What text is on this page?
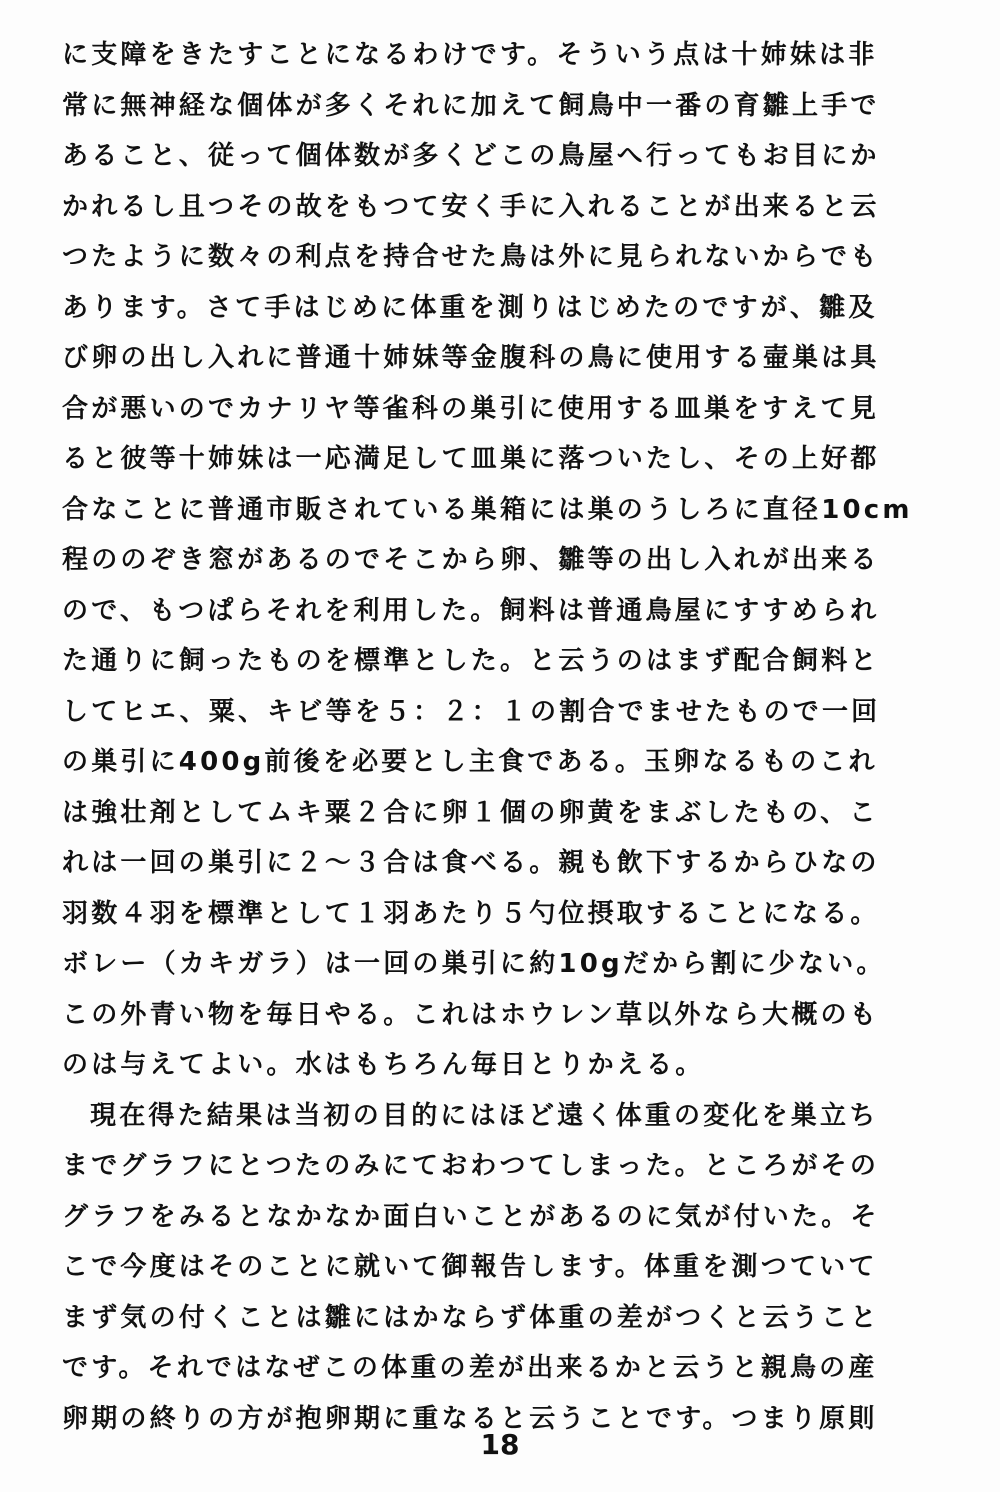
に支障をきたすことになるわけです。そういう点は十姉妹は非
常に無神経な個体が多くそれに加えて飼鳥中一番の育雛上手で
あること、従って個体数が多くどこの鳥屋へ行ってもお目にか
かれるし且つその故をもつて安く手に入れることが出来ると云
つたように数々の利点を持合せた鳥は外に見られないからでも
あります。さて手はじめに体重を測りはじめたのですが、雛及
び卵の出し入れに普通十姉妹等金腹科の鳥に使用する壷巣は具
合が悪いのでカナリヤ等雀科の巣引に使用する皿巣をすえて見
ると彼等十姉妹は一応満足して皿巣に落ついたし、その上好都
合なことに普通市販されている巣箱には巣のうしろに直径10cm
程ののぞき窓があるのでそこから卵、雛等の出し入れが出来る
ので、もつぱらそれを利用した。飼料は普通鳥屋にすすめられ
た通りに飼ったものを標準とした。と云うのはまず配合飼料と
してヒエ、粟、キビ等を５：２：１の割合でませたもので一回
の巣引に400g前後を必要とし主食である。玉卵なるものこれ
は強壮剤としてムキ粟２合に卵１個の卵黄をまぶしたもの、こ
れは一回の巣引に２～３合は食べる。親も飲下するからひなの
羽数４羽を標準として１羽あたり５勺位摂取することになる。
ボレー（カキガラ）は一回の巣引に約10gだから割に少ない。
この外青い物を毎日やる。これはホウレン草以外なら大概のも
のは与えてよい。水はもちろん毎日とりかえる。
現在得た結果は当初の目的にはほど遠く体重の変化を巣立ち
までグラフにとつたのみにておわつてしまった。ところがその
グラフをみるとなかなか面白いことがあるのに気が付いた。そ
こで今度はそのことに就いて御報告します。体重を測つていて
まず気の付くことは雛にはかならず体重の差がつくと云うこと
です。それではなぜこの体重の差が出来るかと云うと親鳥の産
卵期の終りの方が抱卵期に重なると云うことです。つまり原則
18
